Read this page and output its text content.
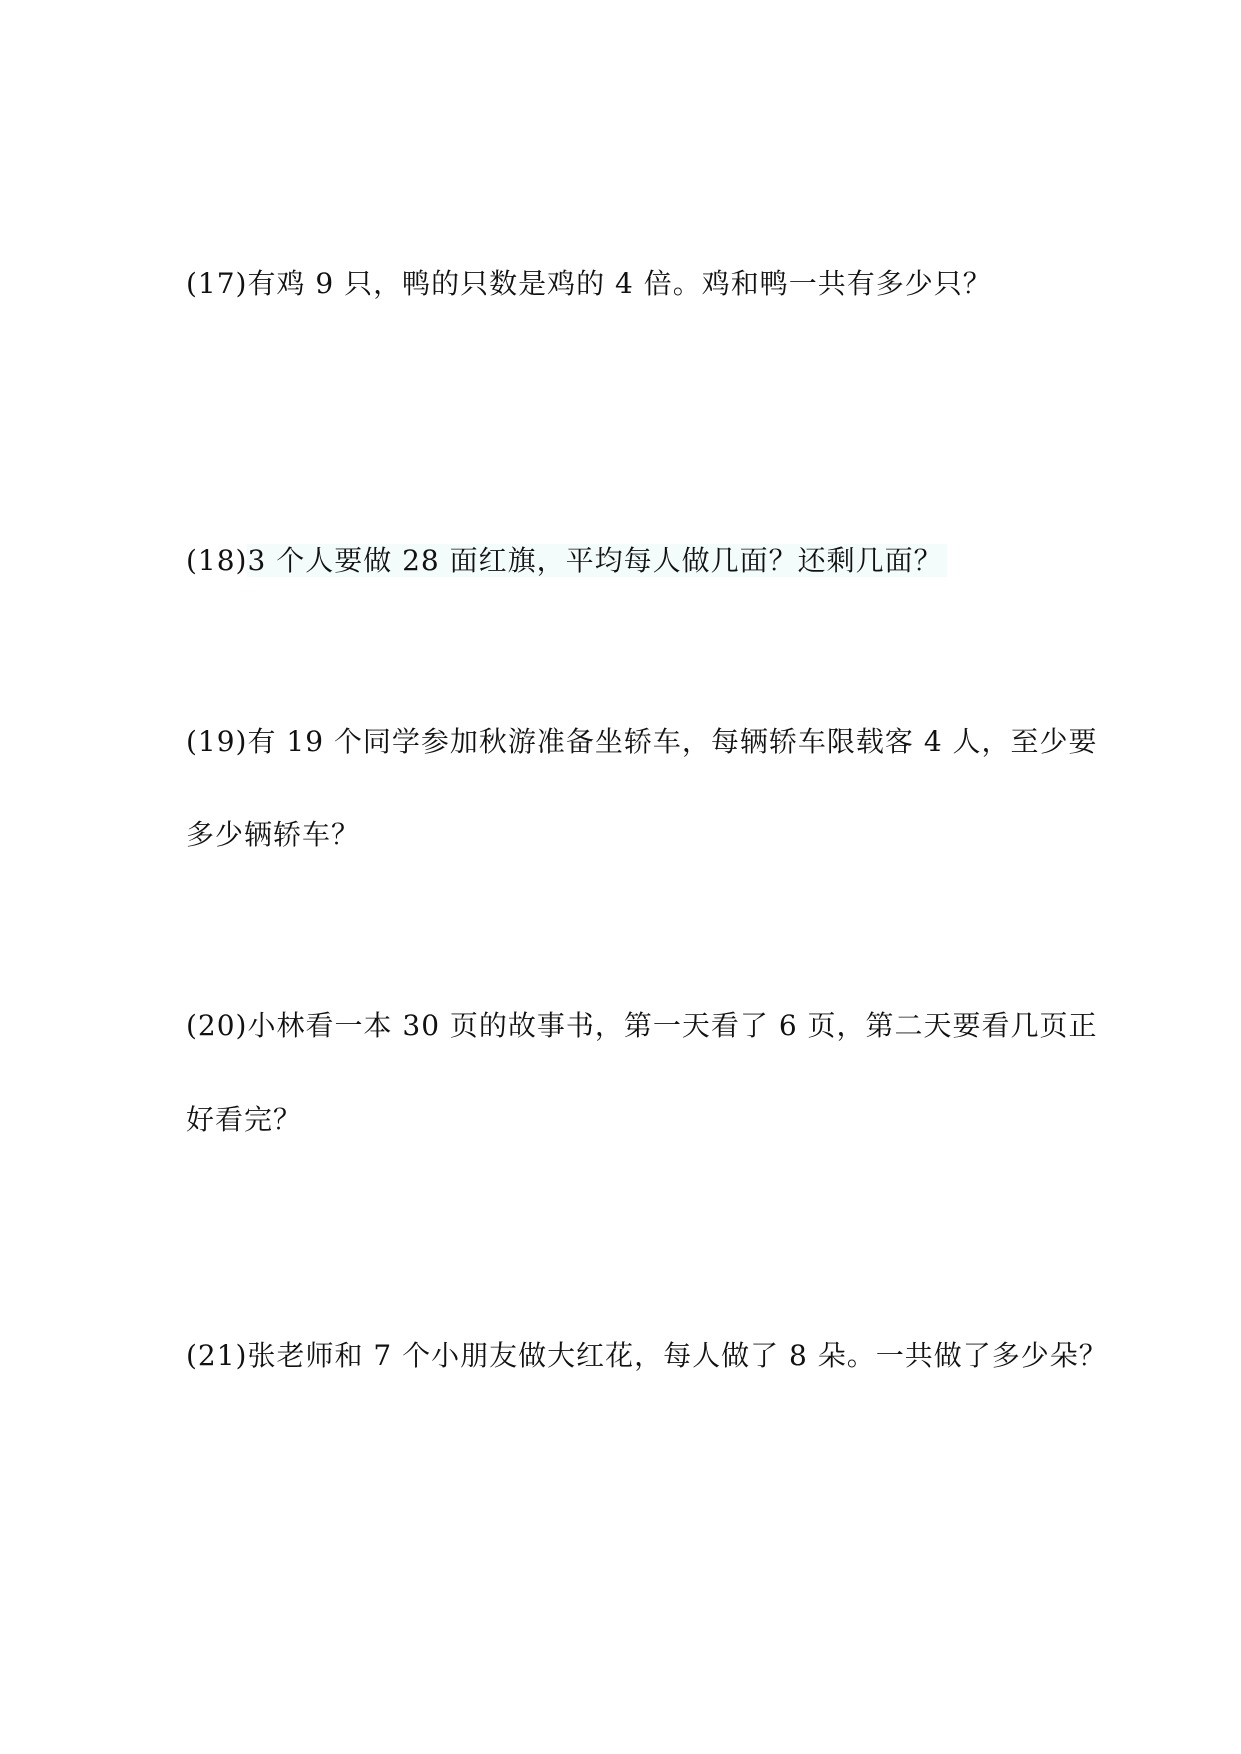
(17)有鸡 9 只，鸭的只数是鸡的 4 倍。鸡和鸭一共有多少只？
(18)3 个人要做 28 面红旗，平均每人做几面？还剩几面？
(19)有 19 个同学参加秋游准备坐轿车，每辆轿车限载客 4 人，至少要
多少辆轿车？
(20)小林看一本 30 页的故事书，第一天看了 6 页，第二天要看几页正
好看完？
(21)张老师和 7 个小朋友做大红花，每人做了 8 朵。一共做了多少朵？
